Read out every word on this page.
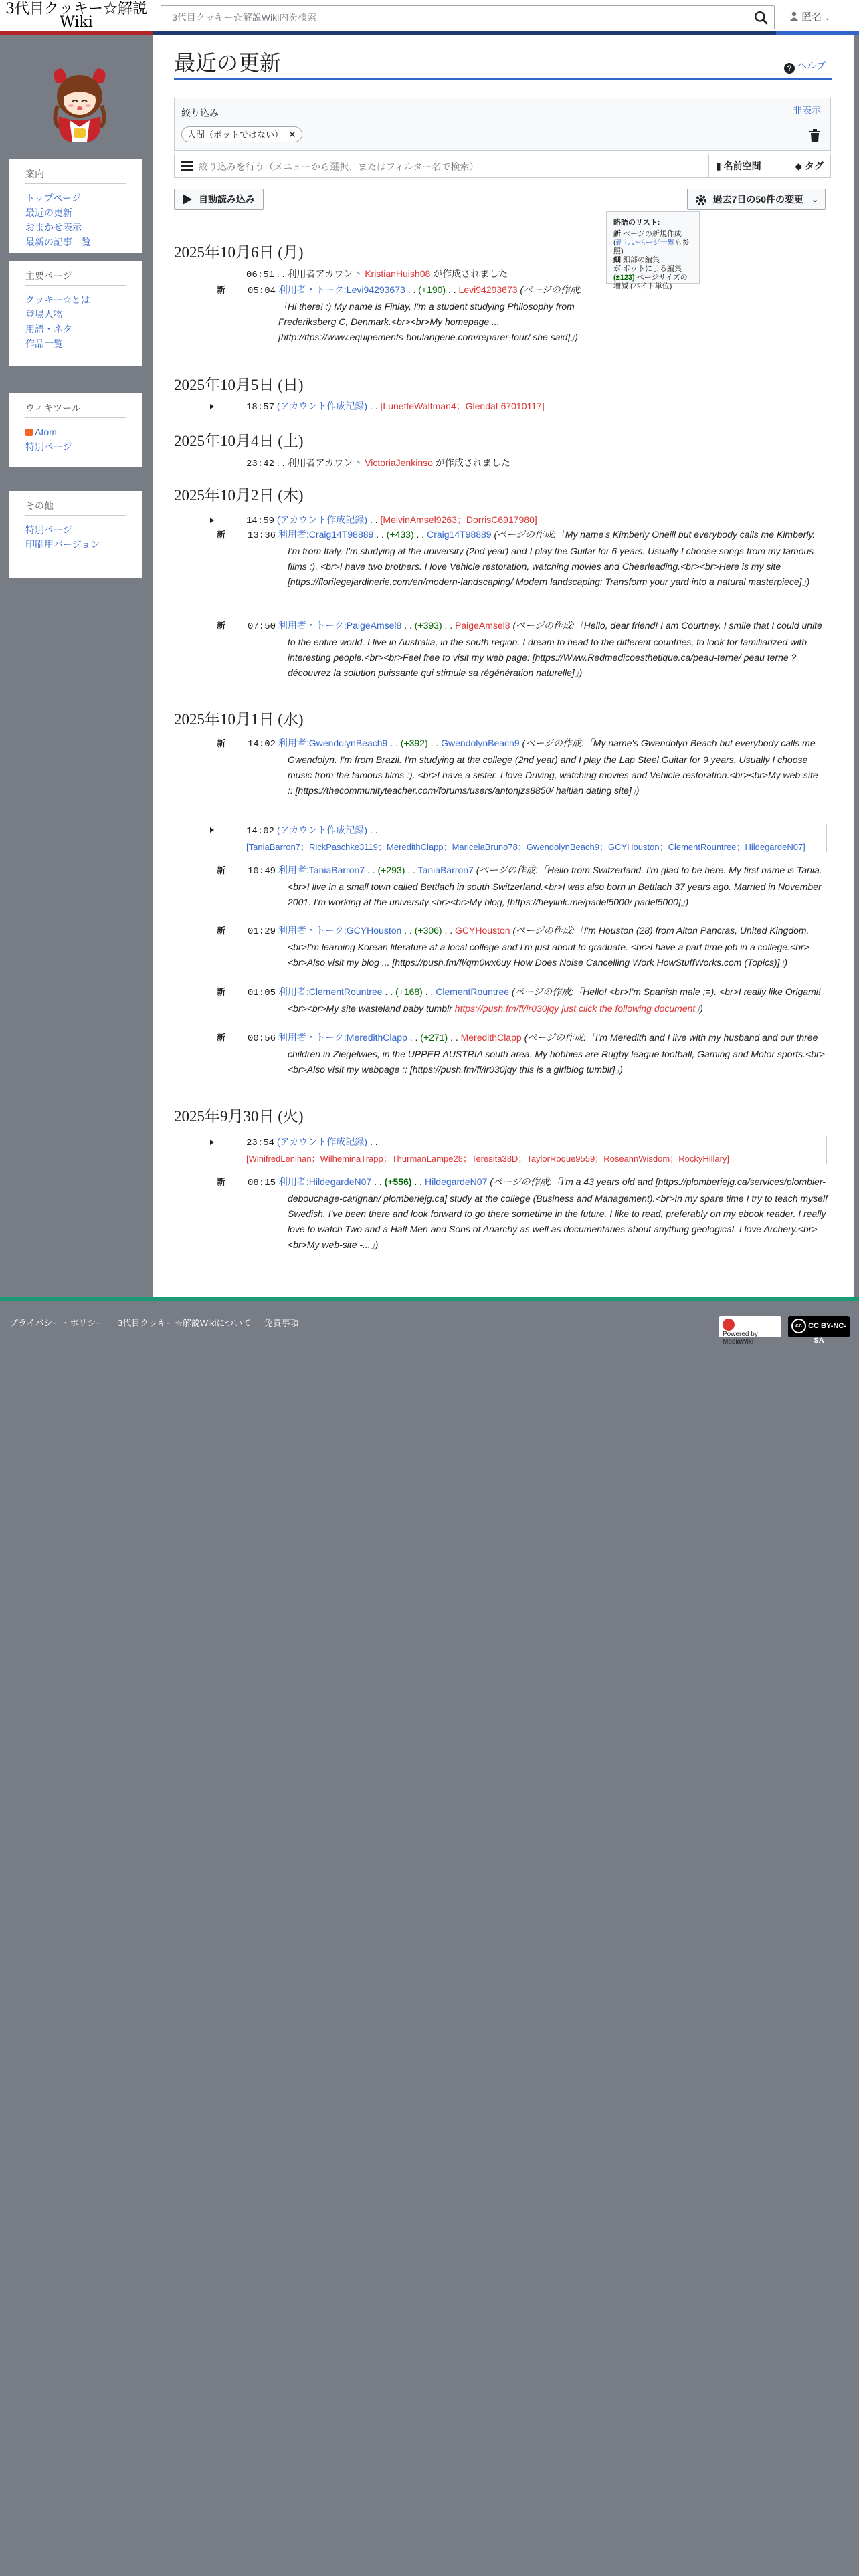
3代目クッキー☆解説Wiki
3代目クッキー☆解説Wiki内を検索	匿名 ⌄
案内
トップページ
最近の更新
おまかせ表示
最新の記事一覧
主要ページ
クッキー☆とは
登場人物
用語・ネタ
作品一覧
ウィキツール
Atom
特別ページ
その他
特別ページ
印刷用バージョン
最近の更新	? ヘルプ
絞り込み	非表示
人間（ボットではない） ✕
絞り込みを行う（メニューから選択、またはフィルター名で検索）	▮ 名前空間	◆ タグ
自動読み込み	過去7日の50件の変更 ⌄
略語のリスト:
新 ページの新規作成 (新しいページ一覧も参照)
細 細部の編集
ボ ボットによる編集
(±123) ページサイズの増減 (バイト単位)
2025年10月6日 (月)
06:51 . . 利用者アカウント KristianHuish08 が作成されました
新 05:04 利用者・トーク:Levi94293673 . . (+190) . . Levi94293673 (ページの作成:「Hi there! :) My name is Finlay, I'm a student studying Philosophy from Frederiksberg C, Denmark.<br><br>My homepage ... [http://ttps://www.equipements-boulangerie.com/reparer-four/ she said]」)
2025年10月5日 (日)
18:57 (アカウント作成記録) . . [LunetteWaltman4；GlendaL67010117]
2025年10月4日 (土)
23:42 . . 利用者アカウント VictoriaJenkinso が作成されました
2025年10月2日 (木)
14:59 (アカウント作成記録) . . [MelvinAmsel9263；DorrisC6917980]
新 13:36 利用者:Craig14T98889 . . (+433) . . Craig14T98889 (ページの作成:「My name's Kimberly Oneill but everybody calls me Kimberly. I'm from Italy. I'm studying at the university (2nd year) and I play the Guitar for 6 years. Usually I choose songs from my famous films ;). <br>I have two brothers. I love Vehicle restoration, watching movies and Cheerleading.<br><br>Here is my site [https://florilegejardinerie.com/en/modern-landscaping/ Modern landscaping: Transform your yard into a natural masterpiece]」)
新 07:50 利用者・トーク:PaigeAmsel8 . . (+393) . . PaigeAmsel8 (ページの作成:「Hello, dear friend! I am Courtney. I smile that I could unite to the entire world. I live in Australia, in the south region. I dream to head to the different countries, to look for familiarized with interesting people.<br><br>Feel free to visit my web page: [https://Www.Redmedicoesthetique.ca/peau-terne/ peau terne ? découvrez la solution puissante qui stimule sa régénération naturelle]」)
2025年10月1日 (水)
新 14:02 利用者:GwendolynBeach9 . . (+392) . . GwendolynBeach9 (ページの作成:「My name's Gwendolyn Beach but everybody calls me Gwendolyn. I'm from Brazil. I'm studying at the college (2nd year) and I play the Lap Steel Guitar for 9 years. Usually I choose music from the famous films :). <br>I have a sister. I love Driving, watching movies and Vehicle restoration.<br><br>My web-site :: [https://thecommunityteacher.com/forums/users/antonjzs8850/ haitian dating site]」)
14:02 (アカウント作成記録) . .
[TaniaBarron7；RickPaschke3119；MeredithClapp；MaricelaBruno78；GwendolynBeach9；GCYHouston；ClementRountree；HildegardeN07]
新 10:49 利用者:TaniaBarron7 . . (+293) . . TaniaBarron7 (ページの作成:「Hello from Switzerland. I'm glad to be here. My first name is Tania. <br>I live in a small town called Bettlach in south Switzerland.<br>I was also born in Bettlach 37 years ago. Married in November 2001. I'm working at the university.<br><br>My blog; [https://heylink.me/padel5000/ padel5000]」)
新 01:29 利用者・トーク:GCYHouston . . (+306) . . GCYHouston (ページの作成:「I'm Houston (28) from Alton Pancras, United Kingdom. <br>I'm learning Korean literature at a local college and I'm just about to graduate. <br>I have a part time job in a college.<br><br>Also visit my blog ... [https://push.fm/fl/qm0wx6uy How Does Noise Cancelling Work HowStuffWorks.com (Topics)]」)
新 01:05 利用者:ClementRountree . . (+168) . . ClementRountree (ページの作成:「Hello! <br>I'm Spanish male ;=). <br>I really like Origami!<br><br>My site wasteland baby tumblr https://push.fm/fl/ir030jqy just click the following document」)
新 00:56 利用者・トーク:MeredithClapp . . (+271) . . MeredithClapp (ページの作成:「I'm Meredith and I live with my husband and our three children in Ziegelwies, in the UPPER AUSTRIA south area. My hobbies are Rugby league football, Gaming and Motor sports.<br><br>Also visit my webpage :: [https://push.fm/fl/ir030jqy this is a girlblog tumblr]」)
2025年9月30日 (火)
23:54 (アカウント作成記録) . .
[WinifredLenihan；WilheminaTrapp；ThurmanLampe28；Teresita38D；TaylorRoque9559；RoseannWisdom；RockyHillary]
新 08:15 利用者:HildegardeN07 . . (+556) . . HildegardeN07 (ページの作成:「I'm a 43 years old and [https://plomberiejg.ca/services/plombier-debouchage-carignan/ plomberiejg.ca] study at the college (Business and Management).<br>In my spare time I try to teach myself Swedish. I've been there and look forward to go there sometime in the future. I like to read, preferably on my ebook reader. I really love to watch Two and a Half Men and Sons of Anarchy as well as documentaries about anything geological. I love Archery.<br><br>My web-site -...」)
プライバシー・ポリシー 3代目クッキー☆解説Wikiについて 免責事項
Powered by MediaWiki
cc CC BY-NC-SA
